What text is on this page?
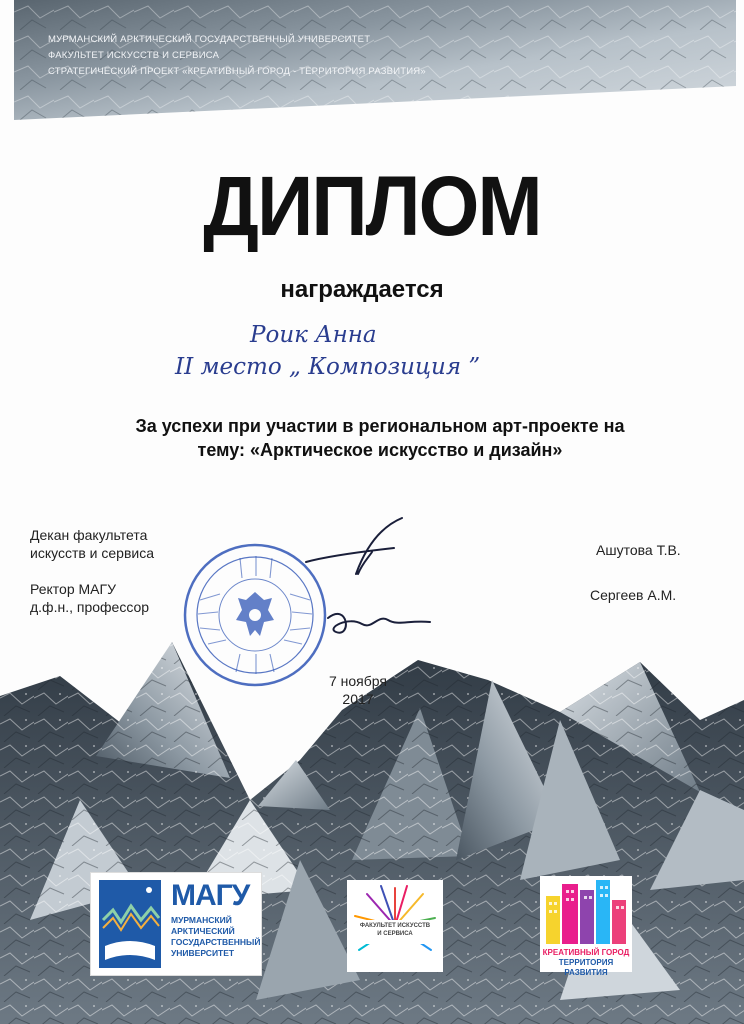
МУРМАНСКИЙ АРКТИЧЕСКИЙ ГОСУДАРСТВЕННЫЙ УНИВЕРСИТЕТ
ФАКУЛЬТЕТ ИСКУССТВ И СЕРВИСА
СТРАТЕГИЧЕСКИЙ ПРОЕКТ «КРЕАТИВНЫЙ ГОРОД - ТЕРРИТОРИЯ РАЗВИТИЯ»
ДИПЛОМ
награждается
Роик Анна
II место „ Композиция ”
За успехи при участии в региональном арт-проекте на
тему: «Арктическое искусство и дизайн»
Декан факультета
искусств и сервиса	Ашутова Т.В.
Ректор МАГУ
д.ф.н., профессор
Сергеев А.М.
7 ноября
2017
МАГУ
МУРМАНСКИЙ
АРКТИЧЕСКИЙ
ГОСУДАРСТВЕННЫЙ
УНИВЕРСИТЕТ
ФАКУЛЬТЕТ ИСКУССТВ
И СЕРВИСА
КРЕАТИВНЫЙ ГОРОД
ТЕРРИТОРИЯ РАЗВИТИЯ
